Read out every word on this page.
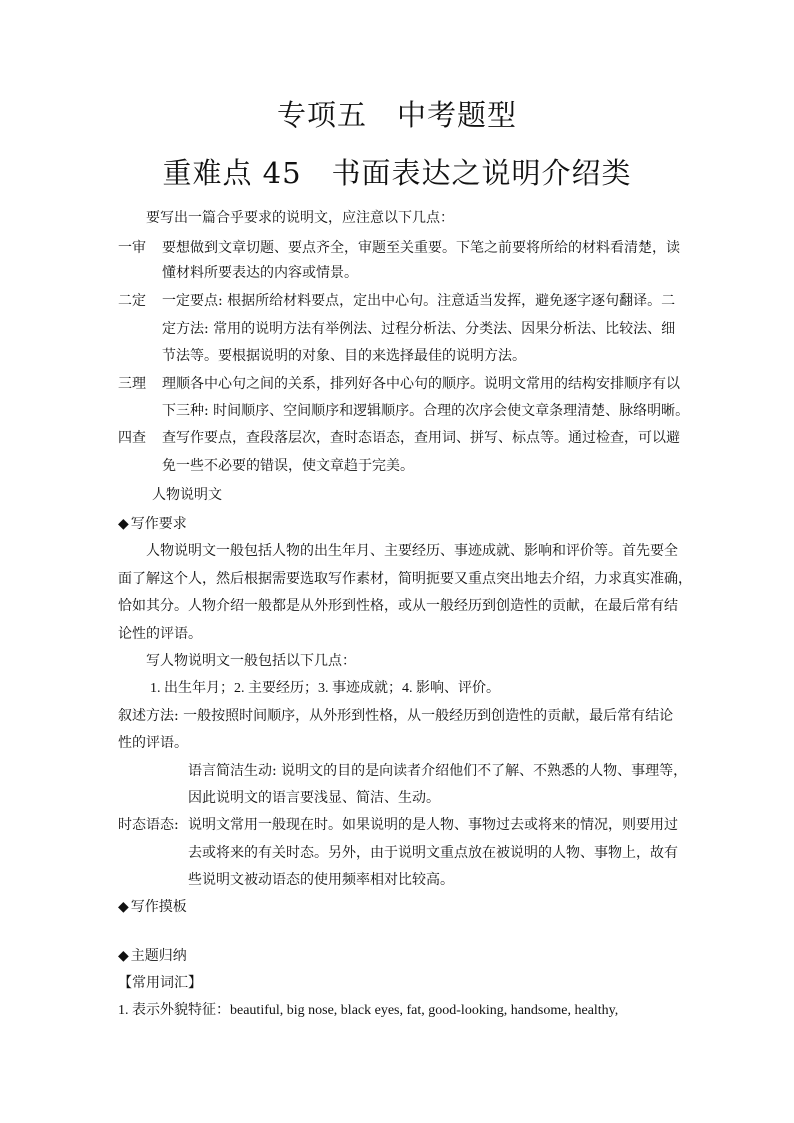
专项五　中考题型
重难点 45　书面表达之说明介绍类
要写出一篇合乎要求的说明文，应注意以下几点：
一审 要想做到文章切题、要点齐全，审题至关重要。下笔之前要将所给的材料看清楚，读
懂材料所要表达的内容或情景。
二定 一定要点: 根据所给材料要点，定出中心句。注意适当发挥，避免逐字逐句翻译。二
定方法: 常用的说明方法有举例法、过程分析法、分类法、因果分析法、比较法、细
节法等。要根据说明的对象、目的来选择最佳的说明方法。
三理 理顺各中心句之间的关系，排列好各中心句的顺序。说明文常用的结构安排顺序有以
下三种: 时间顺序、空间顺序和逻辑顺序。合理的次序会使文章条理清楚、脉络明晰。
四查 查写作要点，查段落层次，查时态语态，查用词、拼写、标点等。通过检查，可以避
免一些不必要的错误，使文章趋于完美。
人物说明文
◆ 写作要求
人物说明文一般包括人物的出生年月、主要经历、事迹成就、影响和评价等。首先要全
面了解这个人，然后根据需要选取写作素材，简明扼要又重点突出地去介绍，力求真实准确，
恰如其分。人物介绍一般都是从外形到性格，或从一般经历到创造性的贡献，在最后常有结
论性的评语。
写人物说明文一般包括以下几点：
1. 出生年月；2. 主要经历；3. 事迹成就；4. 影响、评价。
叙述方法: 一般按照时间顺序，从外形到性格，从一般经历到创造性的贡献，最后常有结论
性的评语。
语言简洁生动: 说明文的目的是向读者介绍他们不了解、不熟悉的人物、事理等，
因此说明文的语言要浅显、简洁、生动。
时态语态: 说明文常用一般现在时。如果说明的是人物、事物过去或将来的情况，则要用过
去或将来的有关时态。另外，由于说明文重点放在被说明的人物、事物上，故有
些说明文被动语态的使用频率相对比较高。
◆ 写作摸板
◆ 主题归纳
【常用词汇】
1. 表示外貌特征：beautiful, big nose, black eyes, fat, good-looking, handsome, healthy,
